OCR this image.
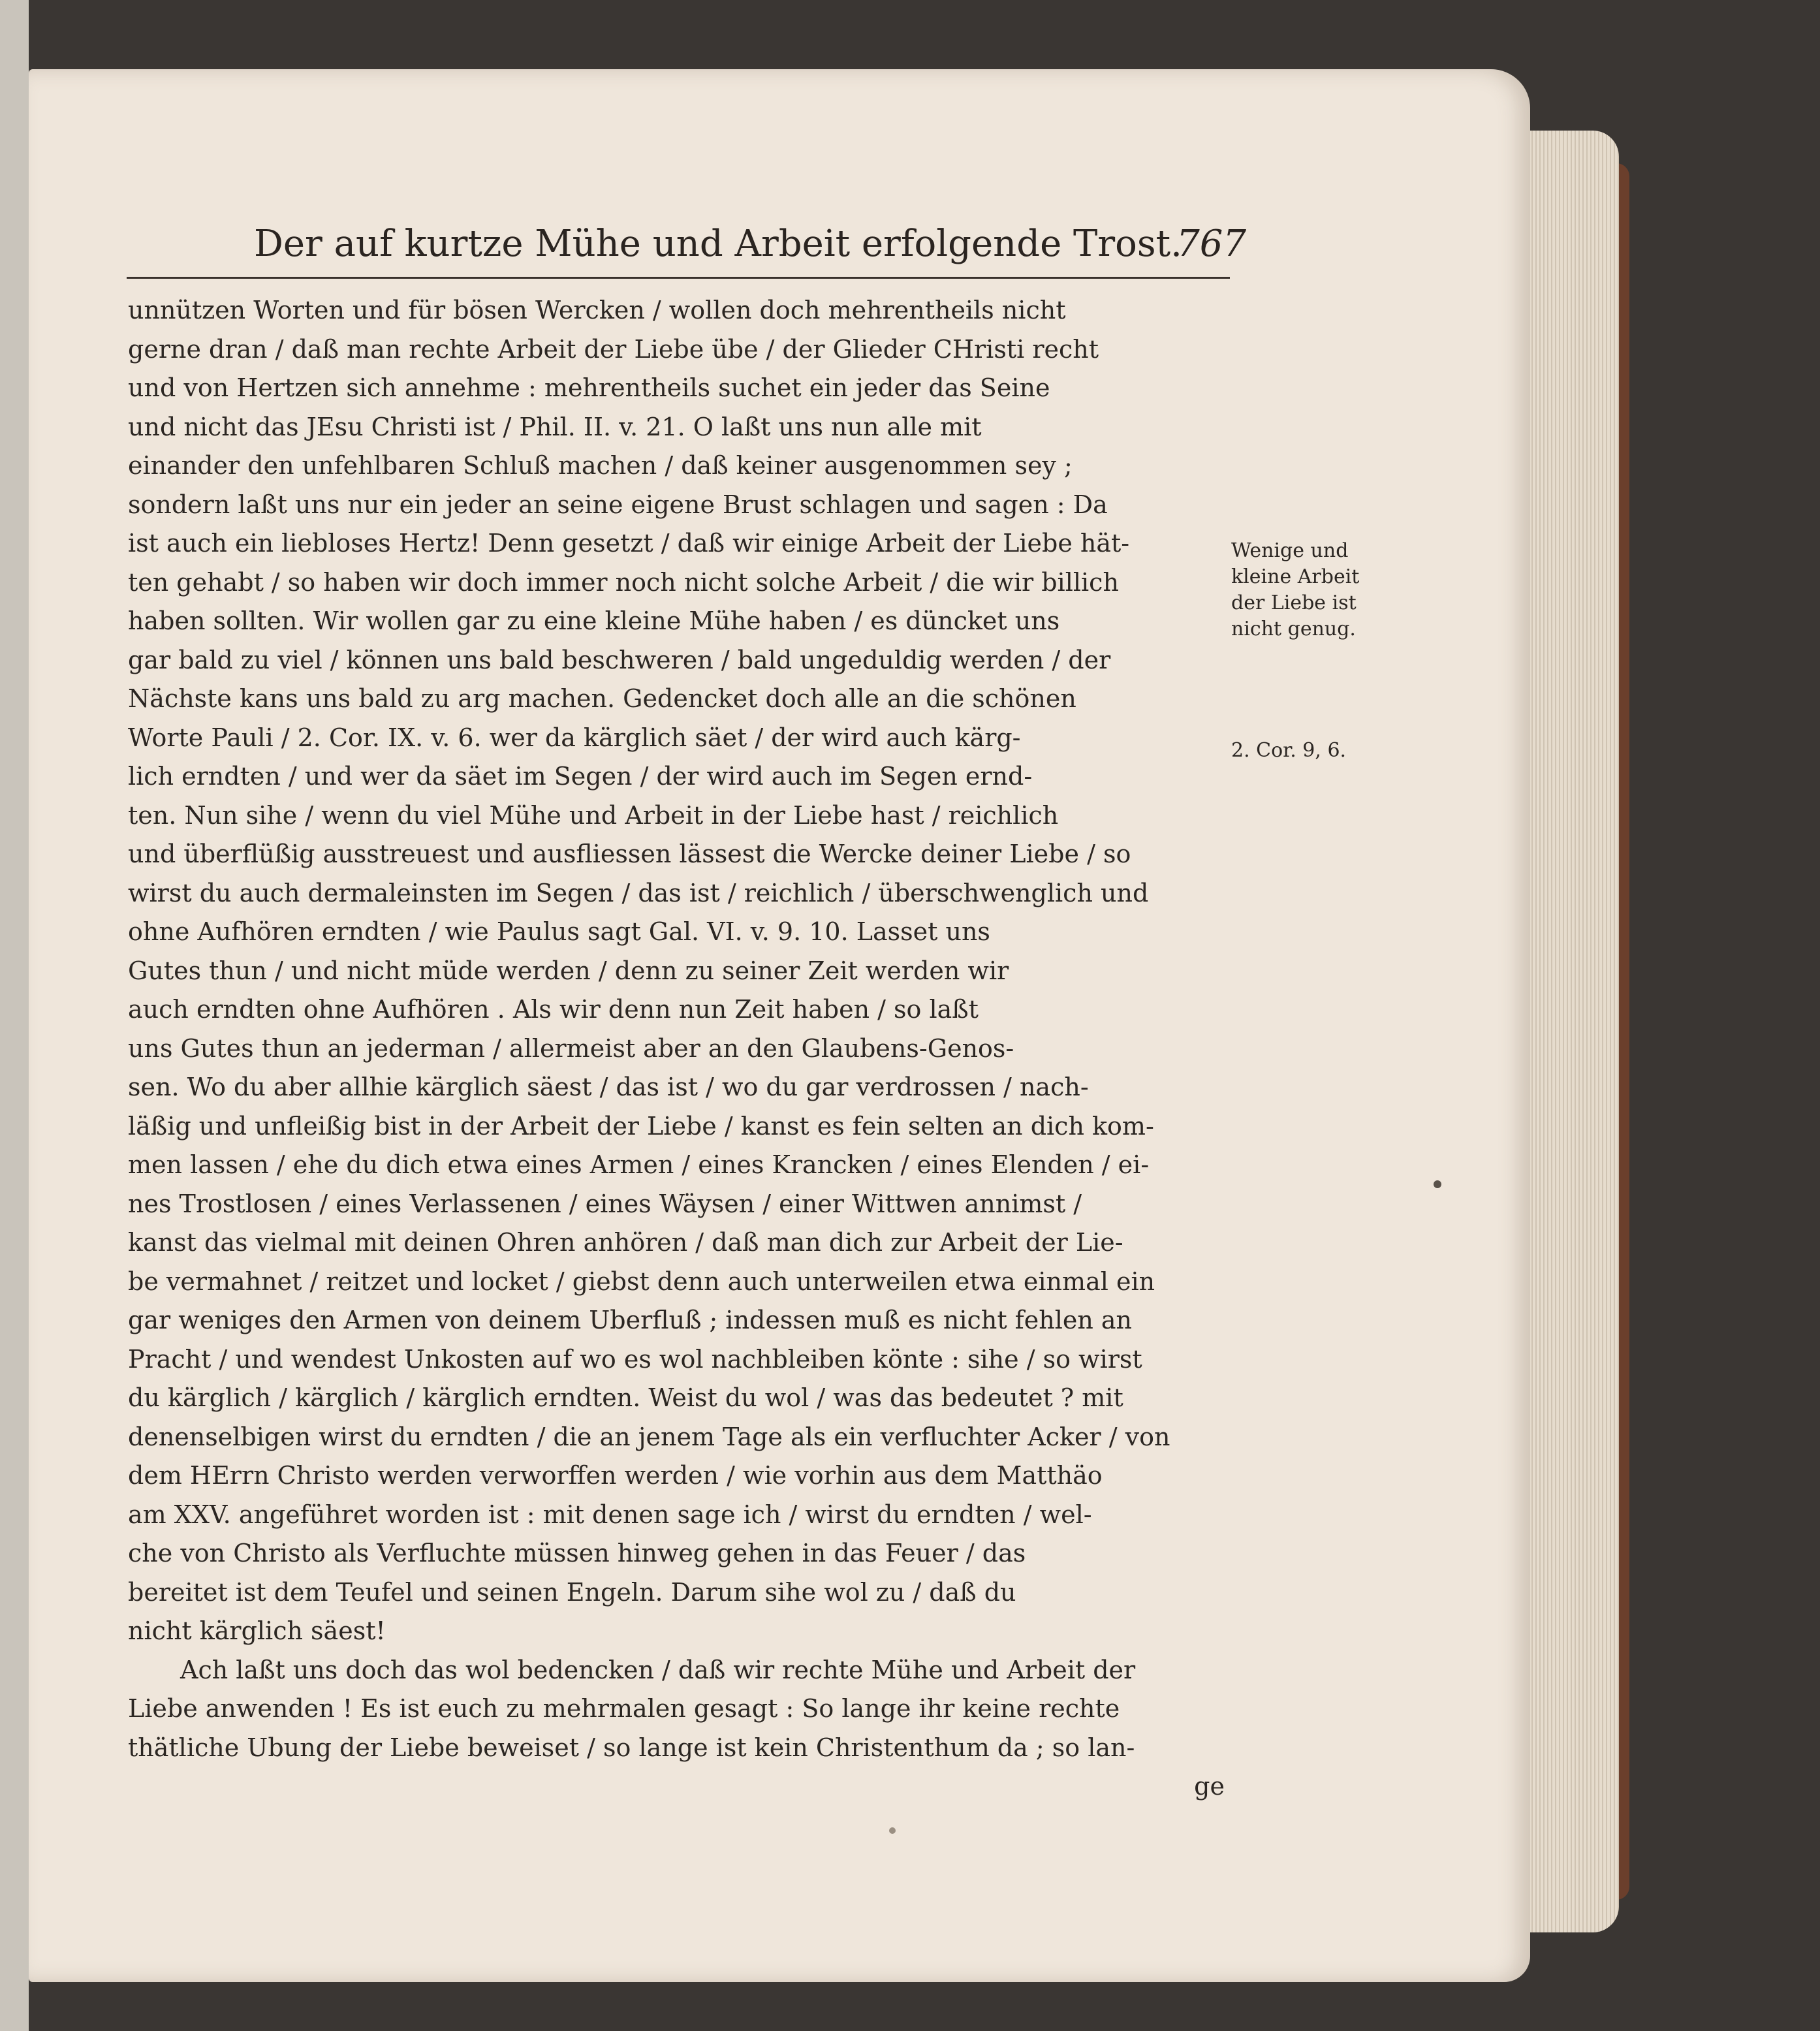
Der auf kurtze Mühe und Arbeit erfolgende Trost.
767
unnützen Worten und für bösen Wercken / wollen doch mehrentheils nicht
gerne dran / daß man rechte Arbeit der Liebe übe / der Glieder CHristi recht
und von Hertzen sich annehme : mehrentheils suchet ein jeder das Seine
und nicht das JEsu Christi ist / Phil. II. v. 21. O laßt uns nun alle mit
einander den unfehlbaren Schluß machen / daß keiner ausgenommen sey ;
sondern laßt uns nur ein jeder an seine eigene Brust schlagen und sagen : Da
ist auch ein liebloses Hertz! Denn gesetzt / daß wir einige Arbeit der Liebe hät-
ten gehabt / so haben wir doch immer noch nicht solche Arbeit / die wir billich
haben sollten. Wir wollen gar zu eine kleine Mühe haben / es düncket uns
gar bald zu viel / können uns bald beschweren / bald ungeduldig werden / der
Nächste kans uns bald zu arg machen. Gedencket doch alle an die schönen
Worte Pauli / 2. Cor. IX. v. 6. wer da kärglich säet / der wird auch kärg-
lich erndten / und wer da säet im Segen / der wird auch im Segen ernd-
ten. Nun sihe / wenn du viel Mühe und Arbeit in der Liebe hast / reichlich
und überflüßig ausstreuest und ausfliessen lässest die Wercke deiner Liebe / so
wirst du auch dermaleinsten im Segen / das ist / reichlich / überschwenglich und
ohne Aufhören erndten / wie Paulus sagt Gal. VI. v. 9. 10. Lasset uns
Gutes thun / und nicht müde werden / denn zu seiner Zeit werden wir
auch erndten ohne Aufhören . Als wir denn nun Zeit haben / so laßt
uns Gutes thun an jederman / allermeist aber an den Glaubens-Genos-
sen. Wo du aber allhie kärglich säest / das ist / wo du gar verdrossen / nach-
läßig und unfleißig bist in der Arbeit der Liebe / kanst es fein selten an dich kom-
men lassen / ehe du dich etwa eines Armen / eines Krancken / eines Elenden / ei-
nes Trostlosen / eines Verlassenen / eines Wäysen / einer Wittwen annimst /
kanst das vielmal mit deinen Ohren anhören / daß man dich zur Arbeit der Lie-
be vermahnet / reitzet und locket / giebst denn auch unterweilen etwa einmal ein
gar weniges den Armen von deinem Uberfluß ; indessen muß es nicht fehlen an
Pracht / und wendest Unkosten auf wo es wol nachbleiben könte : sihe / so wirst
du kärglich / kärglich / kärglich erndten. Weist du wol / was das bedeutet ? mit
denenselbigen wirst du erndten / die an jenem Tage als ein verfluchter Acker / von
dem HErrn Christo werden verworffen werden / wie vorhin aus dem Matthäo
am XXV. angeführet worden ist : mit denen sage ich / wirst du erndten / wel-
che von Christo als Verfluchte müssen hinweg gehen in das Feuer / das
bereitet ist dem Teufel und seinen Engeln. Darum sihe wol zu / daß du
nicht kärglich säest!
Ach laßt uns doch das wol bedencken / daß wir rechte Mühe und Arbeit der
Liebe anwenden ! Es ist euch zu mehrmalen gesagt : So lange ihr keine rechte
thätliche Ubung der Liebe beweiset / so lange ist kein Christenthum da ; so lan-
ge
Wenige und
kleine Arbeit
der Liebe ist
nicht genug.
2. Cor. 9, 6.
